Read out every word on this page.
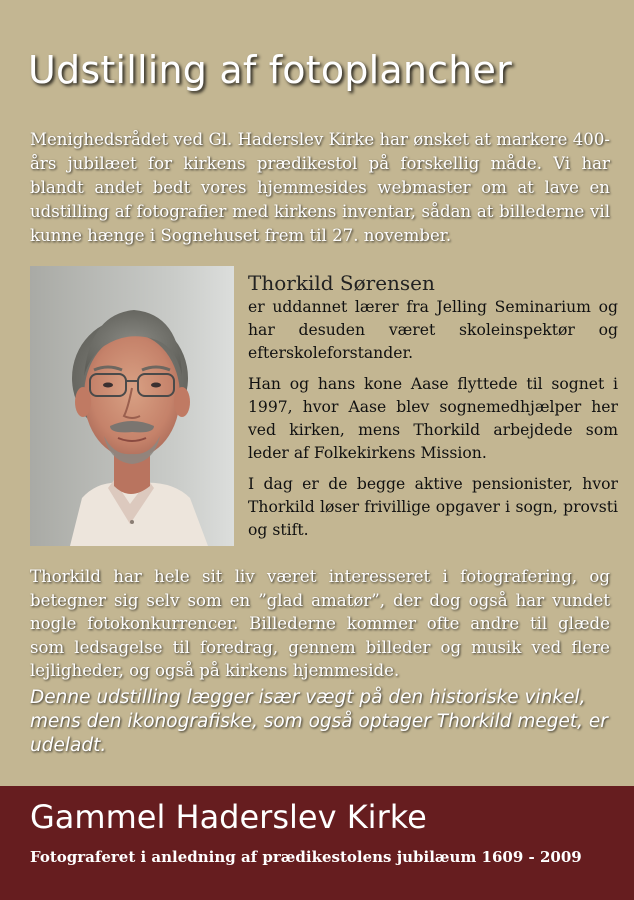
Udstilling af fotoplancher

Menighedsrådet ved Gl. Haderslev Kirke har ønsket at markere 400-års jubilæet for kirkens prædikestol på forskellig måde. Vi har blandt andet bedt vores hjemmesides webmaster om at lave en udstilling af fotografier med kirkens inventar, sådan at billederne vil kunne hænge i Sognehuset frem til 27. november.

Thorkild Sørensen

er uddannet lærer fra Jelling Seminarium og har desuden været skoleinspektør og efterskoleforstander.

Han og hans kone Aase flyttede til sognet i 1997, hvor Aase blev sognemedhjælper her ved kirken, mens Thorkild arbejdede som leder af Folkekirkens Mission.

I dag er de begge aktive pensionister, hvor Thorkild løser frivillige opgaver i sogn, provsti og stift.

Thorkild har hele sit liv været interesseret i fotografering, og betegner sig selv som en ”glad amatør”, der dog også har vundet nogle fotokonkurrencer. Billederne kommer ofte andre til glæde som ledsagelse til foredrag, gennem billeder og musik ved flere lejligheder, og også på kirkens hjemmeside.

Denne udstilling lægger især vægt på den historiske vinkel, mens den ikonografiske, som også optager Thorkild meget, er udeladt.

Gammel Haderslev Kirke

Fotograferet i anledning af prædikestolens jubilæum 1609 - 2009
